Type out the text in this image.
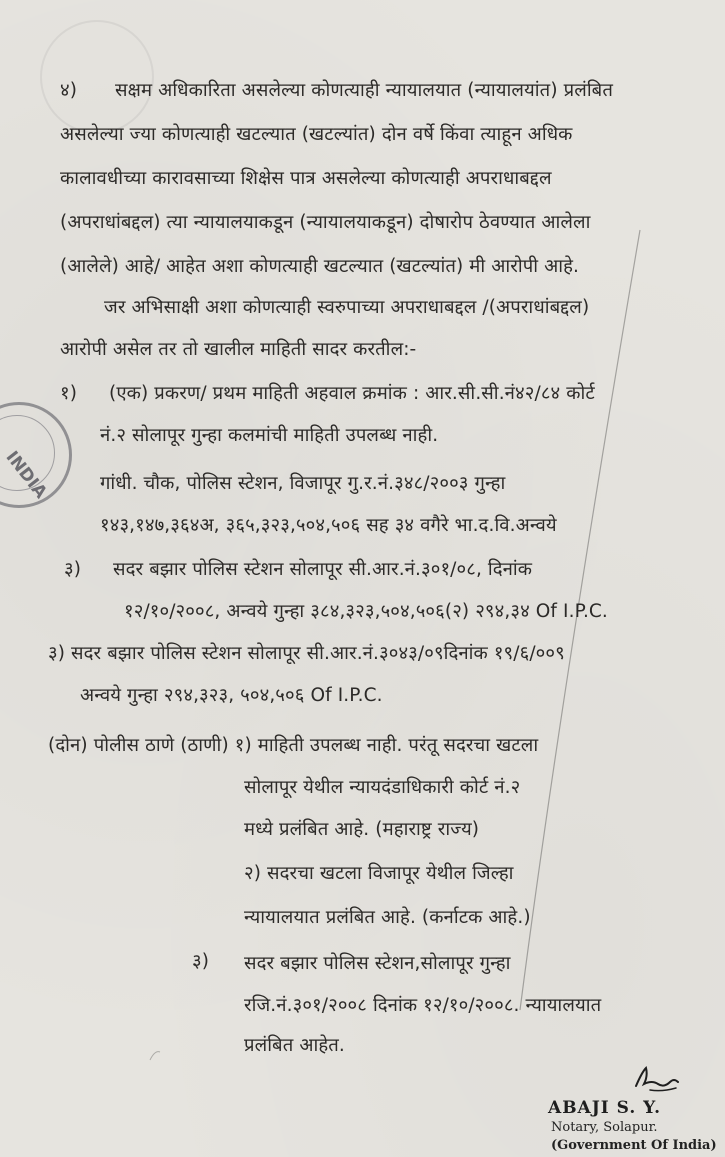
४) सक्षम अधिकारिता असलेल्या कोणत्याही न्यायालयात (न्यायालयांत) प्रलंबित
असलेल्या ज्या कोणत्याही खटल्यात (खटल्यांत) दोन वर्षे किंवा त्याहून अधिक
कालावधीच्या कारावसाच्या शिक्षेस पात्र असलेल्या कोणत्याही अपराधाबद्दल
(अपराधांबद्दल) त्या न्यायालयाकडून (न्यायालयाकडून) दोषारोप ठेवण्यात आलेला
(आलेले) आहे/ आहेत अशा कोणत्याही खटल्यात (खटल्यांत) मी आरोपी आहे.
जर अभिसाक्षी अशा कोणत्याही स्वरुपाच्या अपराधाबद्दल /(अपराधांबद्दल)
आरोपी असेल तर तो खालील माहिती सादर करतील:-
१) (एक) प्रकरण/ प्रथम माहिती अहवाल क्रमांक : आर.सी.सी.नं४२/८४ कोर्ट
नं.२ सोलापूर गुन्हा कलमांची माहिती उपलब्ध नाही.
गांधी. चौक, पोलिस स्टेशन, विजापूर गु.र.नं.३४८/२००३ गुन्हा
१४३,१४७,३६४अ, ३६५,३२३,५०४,५०६ सह ३४ वगैरे भा.द.वि.अन्वये
३) सदर बझार पोलिस स्टेशन सोलापूर सी.आर.नं.३०१/०८, दिनांक
१२/१०/२००८, अन्वये गुन्हा ३८४,३२३,५०४,५०६(२) २९४,३४ Of I.P.C.
३) सदर बझार पोलिस स्टेशन सोलापूर सी.आर.नं.३०४३/०९दिनांक १९/६/००९
अन्वये गुन्हा २९४,३२३, ५०४,५०६ Of I.P.C.
(दोन) पोलीस ठाणे (ठाणी) १) माहिती उपलब्ध नाही. परंतू सदरचा खटला
सोलापूर येथील न्यायदंडाधिकारी कोर्ट नं.२
मध्ये प्रलंबित आहे. (महाराष्ट्र राज्य)
२) सदरचा खटला विजापूर येथील जिल्हा
न्यायालयात प्रलंबित आहे. (कर्नाटक आहे.)
३) सदर बझार पोलिस स्टेशन,सोलापूर गुन्हा
रजि.नं.३०१/२००८ दिनांक १२/१०/२००८. न्यायालयात
प्रलंबित आहेत.
INDIA
ABAJI S. Y.
Notary, Solapur.
(Government Of India)
